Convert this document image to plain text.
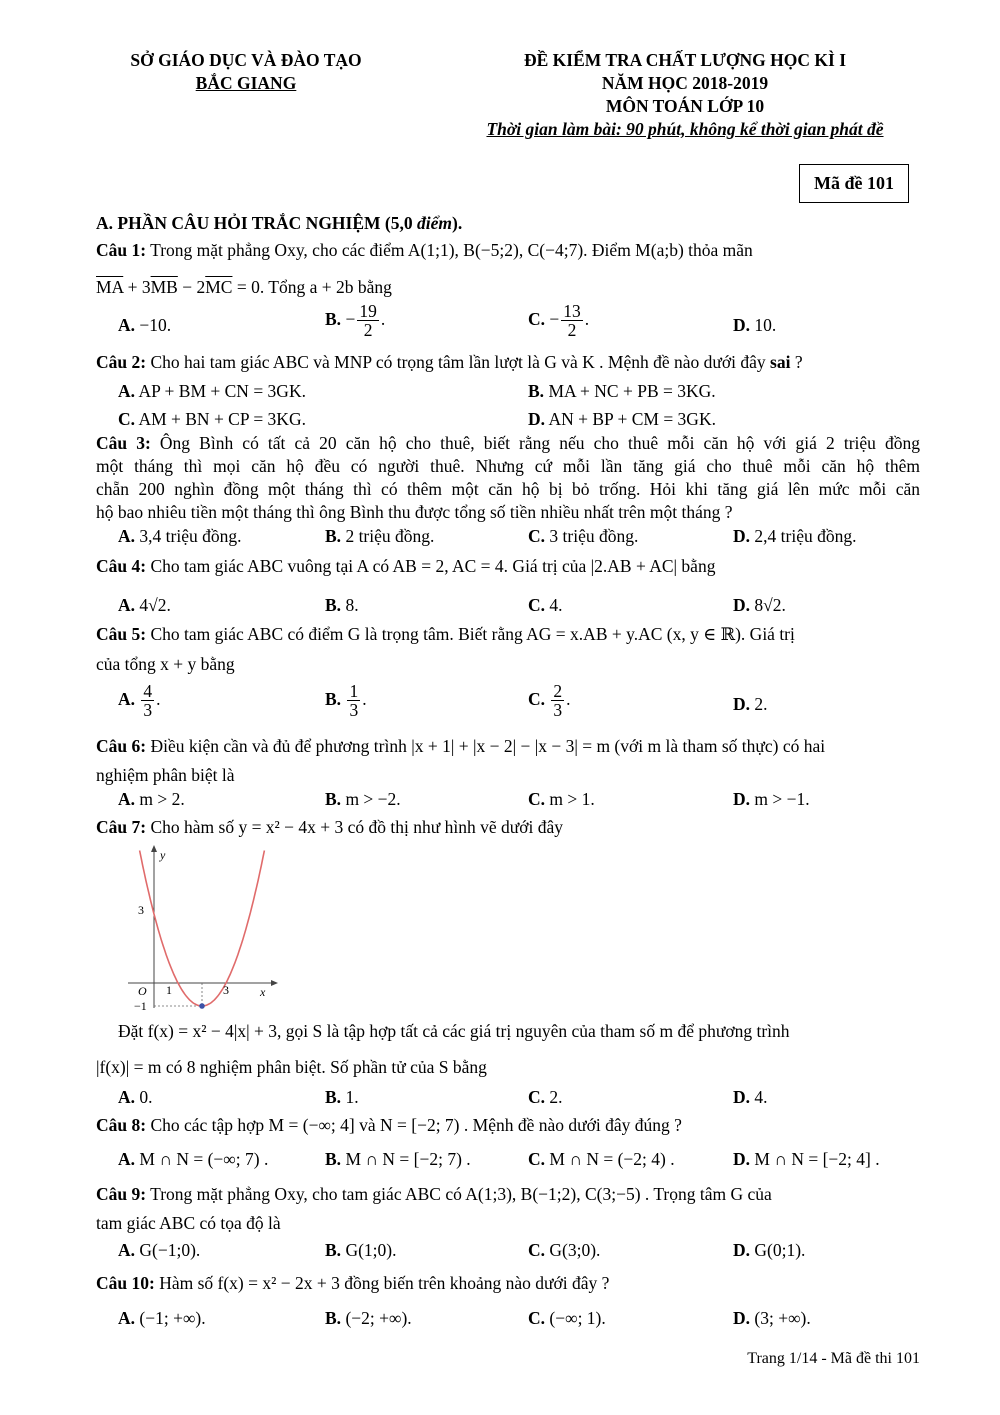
SỞ GIÁO DỤC VÀ ĐÀO TẠO
BẮC GIANG
ĐỀ KIỂM TRA CHẤT LƯỢNG HỌC KÌ I
NĂM HỌC 2018-2019
MÔN TOÁN LỚP 10
Thời gian làm bài: 90 phút, không kể thời gian phát đề
Mã đề 101
A. PHẦN CÂU HỎI TRẮC NGHIỆM (5,0 điểm).
Câu 1: Trong mặt phẳng Oxy, cho các điểm A(1;1), B(−5;2), C(−4;7). Điểm M(a;b) thỏa mãn
$\overline{MA} + 3\overline{MB} - 2\overline{MC} = 0$. Tổng a + 2b bằng
A. −10.	B. − $\frac{19}{2}$ .	C. − $\frac{13}{2}$ .	D. 10.
Câu 2: Cho hai tam giác ABC và MNP có trọng tâm lần lượt là G và K . Mệnh đề nào dưới đây sai ?
A. AP + BM + CN = 3GK.	B. MA + NC + PB = 3KG.
C. AM + BN + CP = 3KG.	D. AN + BP + CM = 3GK.
Câu 3: Ông Bình có tất cả 20 căn hộ cho thuê, biết rằng nếu cho thuê mỗi căn hộ với giá 2 triệu đồng
một tháng thì mọi căn hộ đều có người thuê. Nhưng cứ mỗi lần tăng giá cho thuê mỗi căn hộ thêm
chẵn 200 nghìn đồng một tháng thì có thêm một căn hộ bị bỏ trống. Hỏi khi tăng giá lên mức mỗi căn
hộ bao nhiêu tiền một tháng thì ông Bình thu được tổng số tiền nhiều nhất trên một tháng ?
A. 3,4 triệu đồng.	B. 2 triệu đồng.	C. 3 triệu đồng.	D. 2,4 triệu đồng.
Câu 4: Cho tam giác ABC vuông tại A có AB = 2, AC = 4. Giá trị của |2.AB + AC| bằng
A. 4√2.	B. 8.	C. 4.	D. 8√2.
Câu 5: Cho tam giác ABC có điểm G là trọng tâm. Biết rằng AG = x.AB + y.AC (x, y ∈ ℝ). Giá trị
của tổng x + y bằng
A. $\frac{4}{3}$ .	B. $\frac{1}{3}$ .	C. $\frac{2}{3}$ .	D. 2.
Câu 6: Điều kiện cần và đủ để phương trình |x + 1| + |x − 2| − |x − 3| = m (với m là tham số thực) có hai
nghiệm phân biệt là
A. m > 2.	B. m > −2.	C. m > 1.	D. m > −1.
Câu 7: Cho hàm số y = x² − 4x + 3 có đồ thị như hình vẽ dưới đây
y
3
O 1	3	x
−1
Đặt f(x) = x² − 4|x| + 3, gọi S là tập hợp tất cả các giá trị nguyên của tham số m để phương trình
|f(x)| = m có 8 nghiệm phân biệt. Số phần tử của S bằng
A. 0.	B. 1.	C. 2.	D. 4.
Câu 8: Cho các tập hợp M = (−∞; 4] và N = [−2; 7) . Mệnh đề nào dưới đây đúng ?
A. M ∩ N = (−∞; 7) .	B. M ∩ N = [−2; 7) .	C. M ∩ N = (−2; 4) .	D. M ∩ N = [−2; 4] .
Câu 9: Trong mặt phẳng Oxy, cho tam giác ABC có A(1;3), B(−1;2), C(3;−5) . Trọng tâm G của
tam giác ABC có tọa độ là
A. G(−1;0).	B. G(1;0).	C. G(3;0).	D. G(0;1).
Câu 10: Hàm số f(x) = x² − 2x + 3 đồng biến trên khoảng nào dưới đây ?
A. (−1; +∞).	B. (−2; +∞).	C. (−∞; 1).	D. (3; +∞).
Trang 1/14 - Mã đề thi 101
